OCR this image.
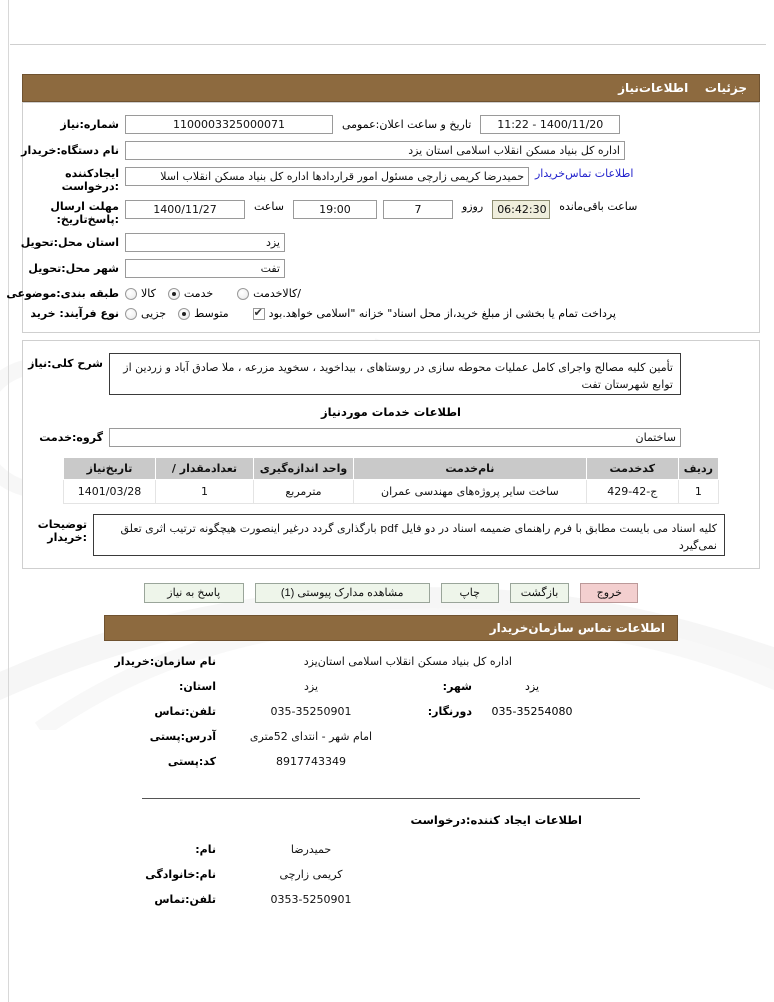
جزئیات    اطلاعات‌نیاز
شماره:نیاز	1100003325000071	تاریخ و ساعت اعلان:عمومی	1400/11/20 - 11:22
نام دستگاه:خریدار	اداره کل بنیاد مسکن انقلاب اسلامی استان یزد
ایجادکننده :درخواست
حمیدرضا کریمی زارچی مسئول امور قراردادها اداره کل بنیاد مسکن انقلاب اسلا	اطلاعات تماس‌خریدار
مهلت ارسال :پاسخ‌تاریخ:
1400/11/27	ساعت	19:00	7	روزو	06:42:30	ساعت باقی‌مانده
استان محل:تحویل	یزد
شهر محل:تحویل	تفت
طبقه بندی:موضوعی کالا	خدمت	/کالاخدمت
نوع فرآیند: خرید جزیی	متوسط ✔	پرداخت تمام یا بخشی از مبلغ خرید،از محل اسناد" خزانه "اسلامی خواهد.بود
شرح کلی:نیاز	تأمین کلیه مصالح واجرای کامل عملیات محوطه سازی در روستاهای ، بیداخوید ، سخوید مزرعه ، ملا صادق آباد و زردین از توابع شهرستان تفت
اطلاعات خدمات موردنیاز
گروه:خدمت	ساختمان
ردیف	کدخدمت	نام‌خدمت	واحد اندازه‌گیری	تعدادمقدار /	تاریخ‌نیاز
1	ج-42-429	ساخت سایر پروژه‌های مهندسی عمران	مترمربع	1	1401/03/28
توضیحات :خریدار
کلیه اسناد می بایست مطابق با فرم راهنمای ضمیمه اسناد در دو فایل pdf بارگذاری گردد درغیر اینصورت هیچگونه ترتیب اثری تعلق نمی‌گیرد
پاسخ به نیاز	مشاهده مدارک پیوستی (1)	چاپ	بازگشت	خروج
اطلاعات تماس سازمان‌خریدار
نام سازمان:خریدار	اداره کل بنیاد مسکن انقلاب اسلامی استان‌یزد
استان:	یزد	شهر:	یزد
تلفن:تماس	035-35250901	دورنگار:	035-35254080
آدرس:پستی	امام شهر - انتدای 52متری
کد:پستی	8917743349
اطلاعات ایجاد کننده:درخواست
نام:	حمیدرضا
نام:خانوادگی	کریمی زارچی
تلفن:تماس	0353-5250901
